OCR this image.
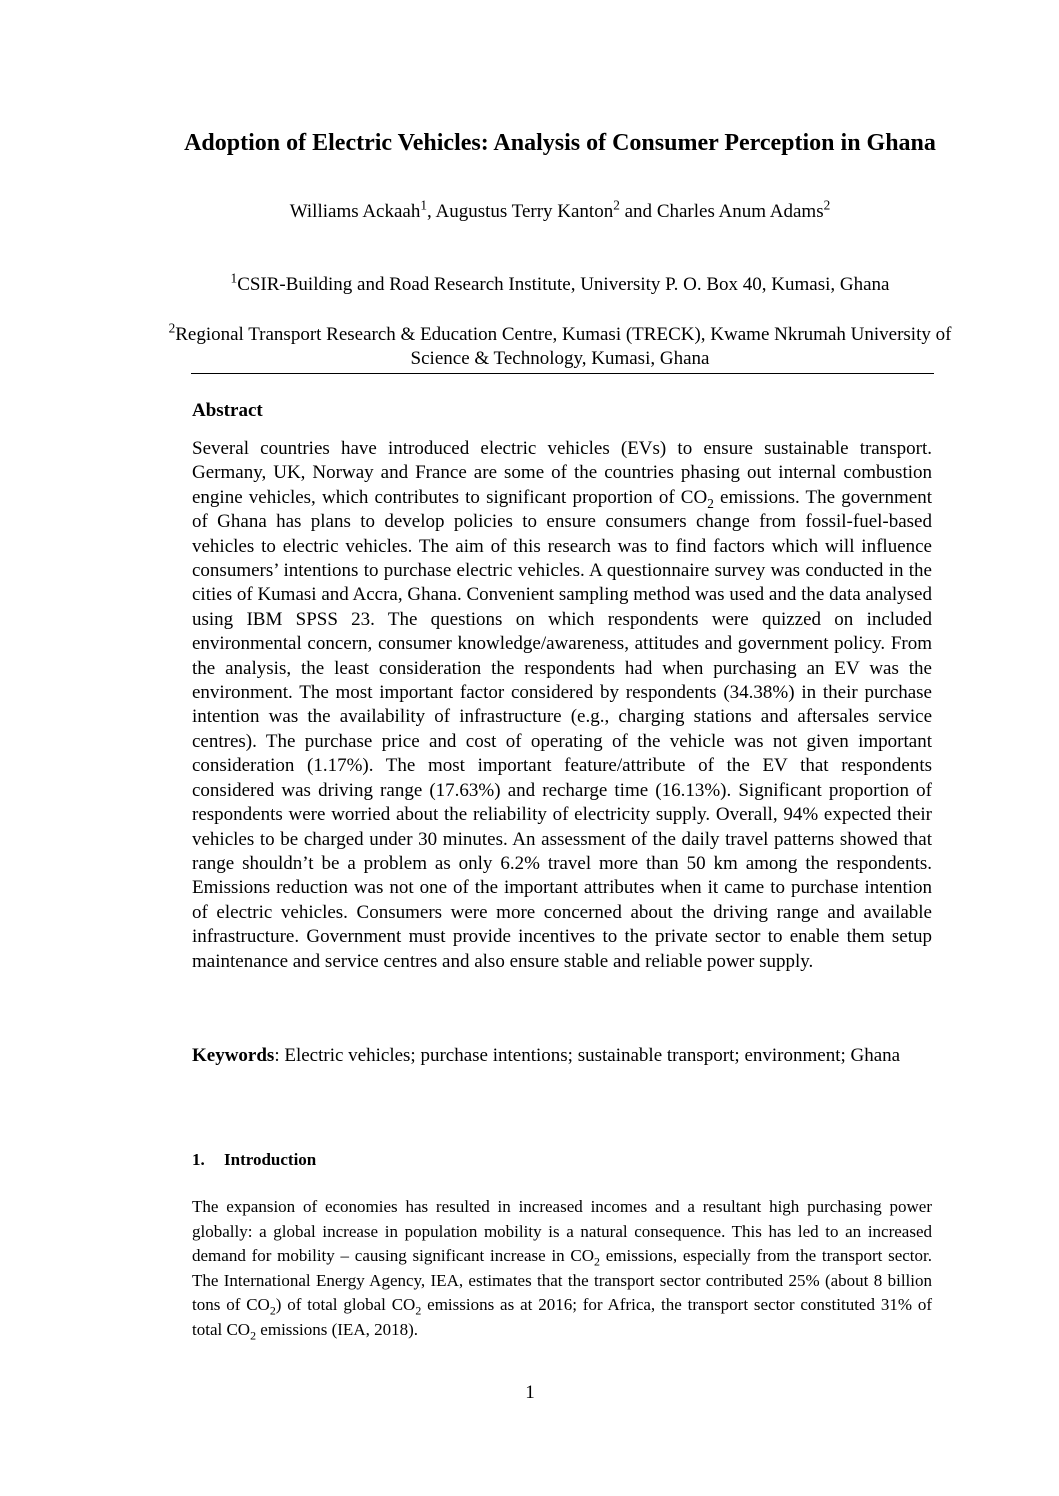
Adoption of Electric Vehicles: Analysis of Consumer Perception in Ghana
Williams Ackaah$^1$, Augustus Terry Kanton$^2$ and Charles Anum Adams$^2$
$^1$CSIR-Building and Road Research Institute, University P. O. Box 40, Kumasi, Ghana
$^2$Regional Transport Research & Education Centre, Kumasi (TRECK), Kwame Nkrumah University of Science & Technology, Kumasi, Ghana
Abstract
Several countries have introduced electric vehicles (EVs) to ensure sustainable transport. Germany, UK, Norway and France are some of the countries phasing out internal combustion engine vehicles, which contributes to significant proportion of $CO_2$ emissions. The government of Ghana has plans to develop policies to ensure consumers change from fossil-fuel-based vehicles to electric vehicles. The aim of this research was to find factors which will influence consumers’ intentions to purchase electric vehicles. A questionnaire survey was conducted in the cities of Kumasi and Accra, Ghana. Convenient sampling method was used and the data analysed using IBM SPSS 23. The questions on which respondents were quizzed on included environmental concern, consumer knowledge/awareness, attitudes and government policy. From the analysis, the least consideration the respondents had when purchasing an EV was the environment. The most important factor considered by respondents (34.38%) in their purchase intention was the availability of infrastructure (e.g., charging stations and aftersales service centres). The purchase price and cost of operating of the vehicle was not given important consideration (1.17%). The most important feature/attribute of the EV that respondents considered was driving range (17.63%) and recharge time (16.13%). Significant proportion of respondents were worried about the reliability of electricity supply. Overall, 94% expected their vehicles to be charged under 30 minutes. An assessment of the daily travel patterns showed that range shouldn’t be a problem as only 6.2% travel more than 50 km among the respondents. Emissions reduction was not one of the important attributes when it came to purchase intention of electric vehicles. Consumers were more concerned about the driving range and available infrastructure. Government must provide incentives to the private sector to enable them setup maintenance and service centres and also ensure stable and reliable power supply.
Keywords: Electric vehicles; purchase intentions; sustainable transport; environment; Ghana
1. Introduction
The expansion of economies has resulted in increased incomes and a resultant high purchasing power globally: a global increase in population mobility is a natural consequence. This has led to an increased demand for mobility – causing significant increase in $CO_2$ emissions, especially from the transport sector. The International Energy Agency, IEA, estimates that the transport sector contributed 25% (about 8 billion tons of $CO_2$) of total global $CO_2$ emissions as at 2016; for Africa, the transport sector constituted 31% of total $CO_2$ emissions (IEA, 2018).
1
